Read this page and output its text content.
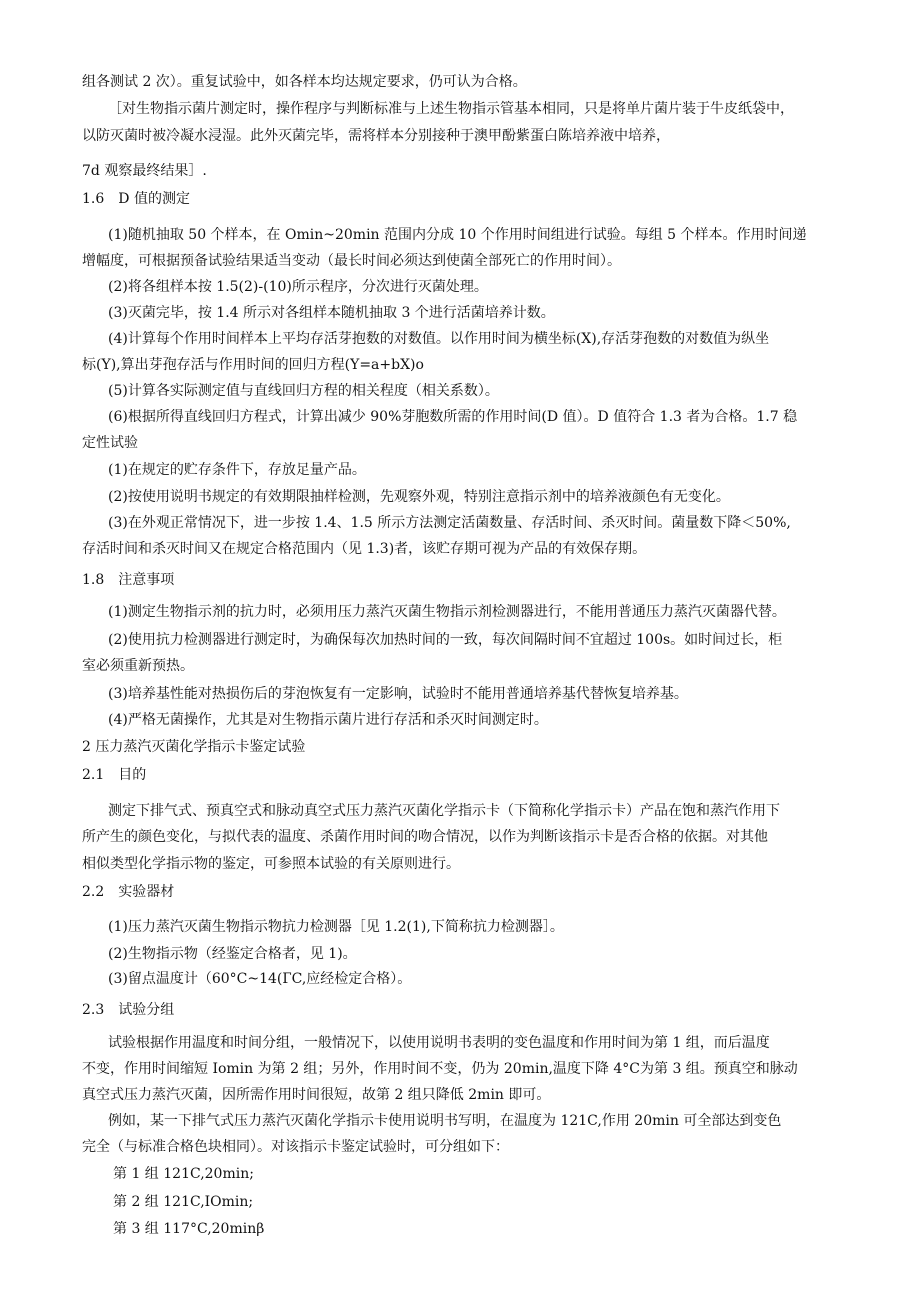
组各测试 2 次）。重复试验中，如各样本均达规定要求，仍可认为合格。
［对生物指示菌片测定时，操作程序与判断标准与上述生物指示管基本相同，只是将单片菌片装于牛皮纸袋中，
以防灭菌时被冷凝水浸湿。此外灭菌完毕，需将样本分别接种于澳甲酚紫蛋白陈培养液中培养，
7d 观察最终结果］.
1.6　D 值的测定
(1)随机抽取 50 个样本，在 Omin~20min 范围内分成 10 个作用时间组进行试验。每组 5 个样本。作用时间递
增幅度，可根据预备试验结果适当变动（最长时间必须达到使菌全部死亡的作用时间）。
(2)将各组样本按 1.5(2)-(10)所示程序，分次进行灭菌处理。
(3)灭菌完毕，按 1.4 所示对各组样本随机抽取 3 个进行活菌培养计数。
(4)计算每个作用时间样本上平均存活芽抱数的对数值。以作用时间为横坐标(X),存活芽孢数的对数值为纵坐
标(Y),算出芽孢存活与作用时间的回归方程(Y=a+bX)o
(5)计算各实际测定值与直线回归方程的相关程度（相关系数）。
(6)根据所得直线回归方程式，计算出减少 90%芽胞数所需的作用时间(D 值）。D 值符合 1.3 者为合格。1.7 稳
定性试验
(1)在规定的贮存条件下，存放足量产品。
(2)按使用说明书规定的有效期限抽样检测，先观察外观，特别注意指示剂中的培养液颜色有无变化。
(3)在外观正常情况下，进一步按 1.4、1.5 所示方法测定活菌数量、存活时间、杀灭时间。菌量数下降＜50%,
存活时间和杀灭时间又在规定合格范围内（见 1.3)者，该贮存期可视为产品的有效保存期。
1.8　注意事项
(1)测定生物指示剂的抗力时，必须用压力蒸汽灭菌生物指示剂检测器进行，不能用普通压力蒸汽灭菌器代替。
(2)使用抗力检测器进行测定时，为确保每次加热时间的一致，每次间隔时间不宜超过 100s。如时间过长，柜
室必须重新预热。
(3)培养基性能对热损伤后的芽泡恢复有一定影响，试验时不能用普通培养基代替恢复培养基。
(4)严格无菌操作，尤其是对生物指示菌片进行存活和杀灭时间测定时。
2 压力蒸汽灭菌化学指示卡鉴定试验
2.1　目的
测定下排气式、预真空式和脉动真空式压力蒸汽灭菌化学指示卡（下简称化学指示卡）产品在饱和蒸汽作用下
所产生的颜色变化，与拟代表的温度、杀菌作用时间的吻合情况，以作为判断该指示卡是否合格的依据。对其他
相似类型化学指示物的鉴定，可参照本试验的有关原则进行。
2.2　实验器材
(1)压力蒸汽灭菌生物指示物抗力检测器［见 1.2(1),下简称抗力检测器］。
(2)生物指示物（经鉴定合格者，见 1)。
(3)留点温度计（60°C~14(ГC,应经检定合格）。
2.3　试验分组
试验根据作用温度和时间分组，一般情况下，以使用说明书表明的变色温度和作用时间为第 1 组，而后温度
不变，作用时间缩短 Iomin 为第 2 组；另外，作用时间不变，仍为 20min,温度下降 4°C为第 3 组。预真空和脉动
真空式压力蒸汽灭菌，因所需作用时间很短，故第 2 组只降低 2min 即可。
例如，某一下排气式压力蒸汽灭菌化学指示卡使用说明书写明，在温度为 121C,作用 20min 可全部达到变色
完全（与标准合格色块相同）。对该指示卡鉴定试验时，可分组如下：
第 1 组 121C,20min;
第 2 组 121C,IOmin;
第 3 组 117°C,20minβ
